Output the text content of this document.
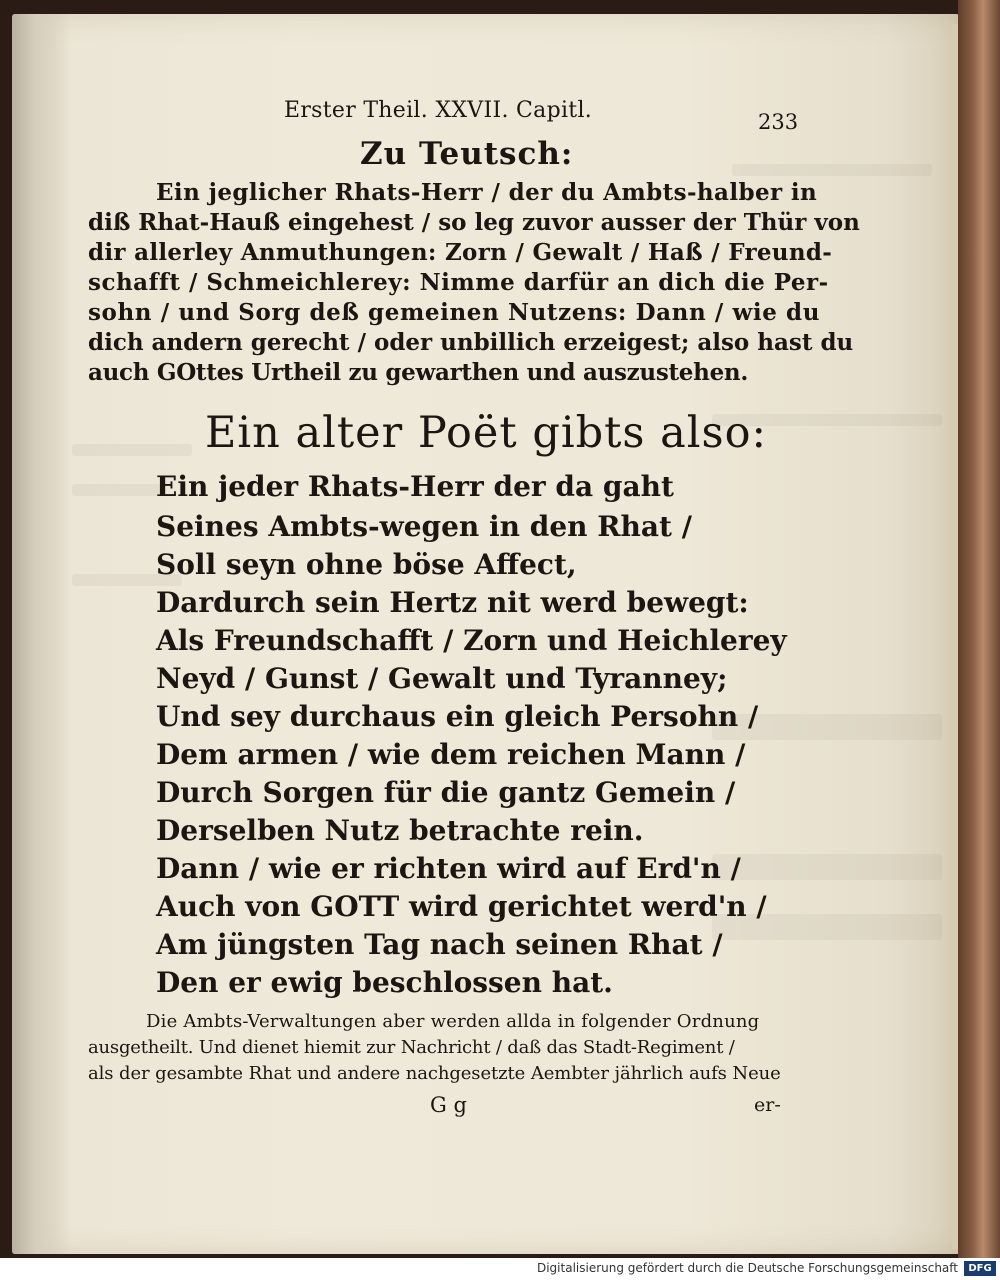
Erster Theil. XXVII. Capitl.	233

Zu Teutsch:

Ein jeglicher Rhats-Herr / der du Ambts-halber in

diß Rhat-Hauß eingehest / so leg zuvor ausser der Thür von

dir allerley Anmuthungen: Zorn / Gewalt / Haß / Freund-

schafft / Schmeichlerey: Nimme darfür an dich die Per-

sohn / und Sorg deß gemeinen Nutzens: Dann / wie du

dich andern gerecht / oder unbillich erzeigest; also hast du

auch GOttes Urtheil zu gewarthen und auszustehen.

Ein alter Poët gibts also:

Ein jeder Rhats-Herr der da gaht

Seines Ambts-wegen in den Rhat /

Soll seyn ohne böse Affect,

Dardurch sein Hertz nit werd bewegt:

Als Freundschafft / Zorn und Heichlerey

Neyd / Gunst / Gewalt und Tyranney;

Und sey durchaus ein gleich Persohn /

Dem armen / wie dem reichen Mann /

Durch Sorgen für die gantz Gemein /

Derselben Nutz betrachte rein.

Dann / wie er richten wird auf Erd'n /

Auch von GOTT wird gerichtet werd'n /

Am jüngsten Tag nach seinen Rhat /

Den er ewig beschlossen hat.

Die Ambts-Verwaltungen aber werden allda in folgender Ordnung

ausgetheilt. Und dienet hiemit zur Nachricht / daß das Stadt-Regiment /

als der gesambte Rhat und andere nachgesetzte Aembter jährlich aufs Neue

G g	er-

Digitalisierung gefördert durch die Deutsche Forschungsgemeinschaft	DFG
